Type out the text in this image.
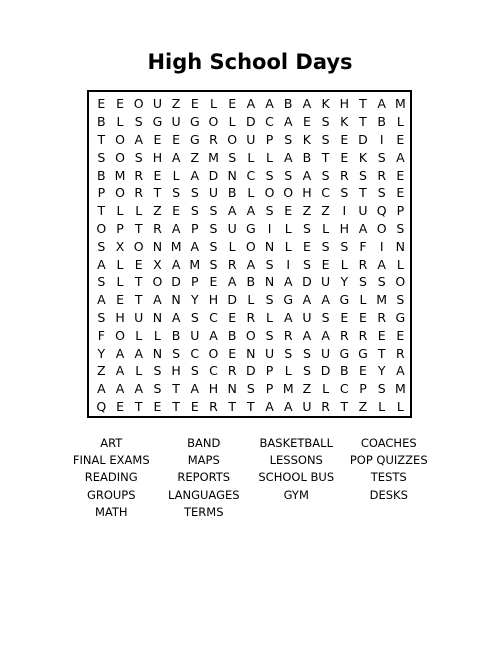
High School Days
E E O U Z E L E A A B A K H T A M
B L S G U G O L D C A E S K T B L
T O A E E G R O U P S K S E D I	E
S O S H A Z M S L L A B T E K S A
B M R E L A D N C S S A S R S R E
P O R T S S U B L O O H C S T S E
T L L Z E S S A A S E Z Z	I U Q P
O P T R A P S U G I	L S L H A O S
S X O N M A S L O N L E S S F	I N
A L E X A M S R A S	I	S E L R A L
S L T O D P E A B N A D U Y S S O
A E T A N Y H D L S G A A G L M S
S H U N A S C E R L A U S E E R G
F O L L B U A B O S R A A R R E E
Y A A N S C O E N U S S U G G T R
Z A L S H S C R D P L S D B E Y A
A A A S T A H N S P M Z L C P S M
Q E T E T E R T T A A U R T Z L L
ART	BAND	BASKETBALL	COACHES
FINAL EXAMS	MAPS	LESSONS	POP QUIZZES
READING	REPORTS	SCHOOL BUS	TESTS
GROUPS	LANGUAGES	GYM	DESKS
MATH	TERMS
